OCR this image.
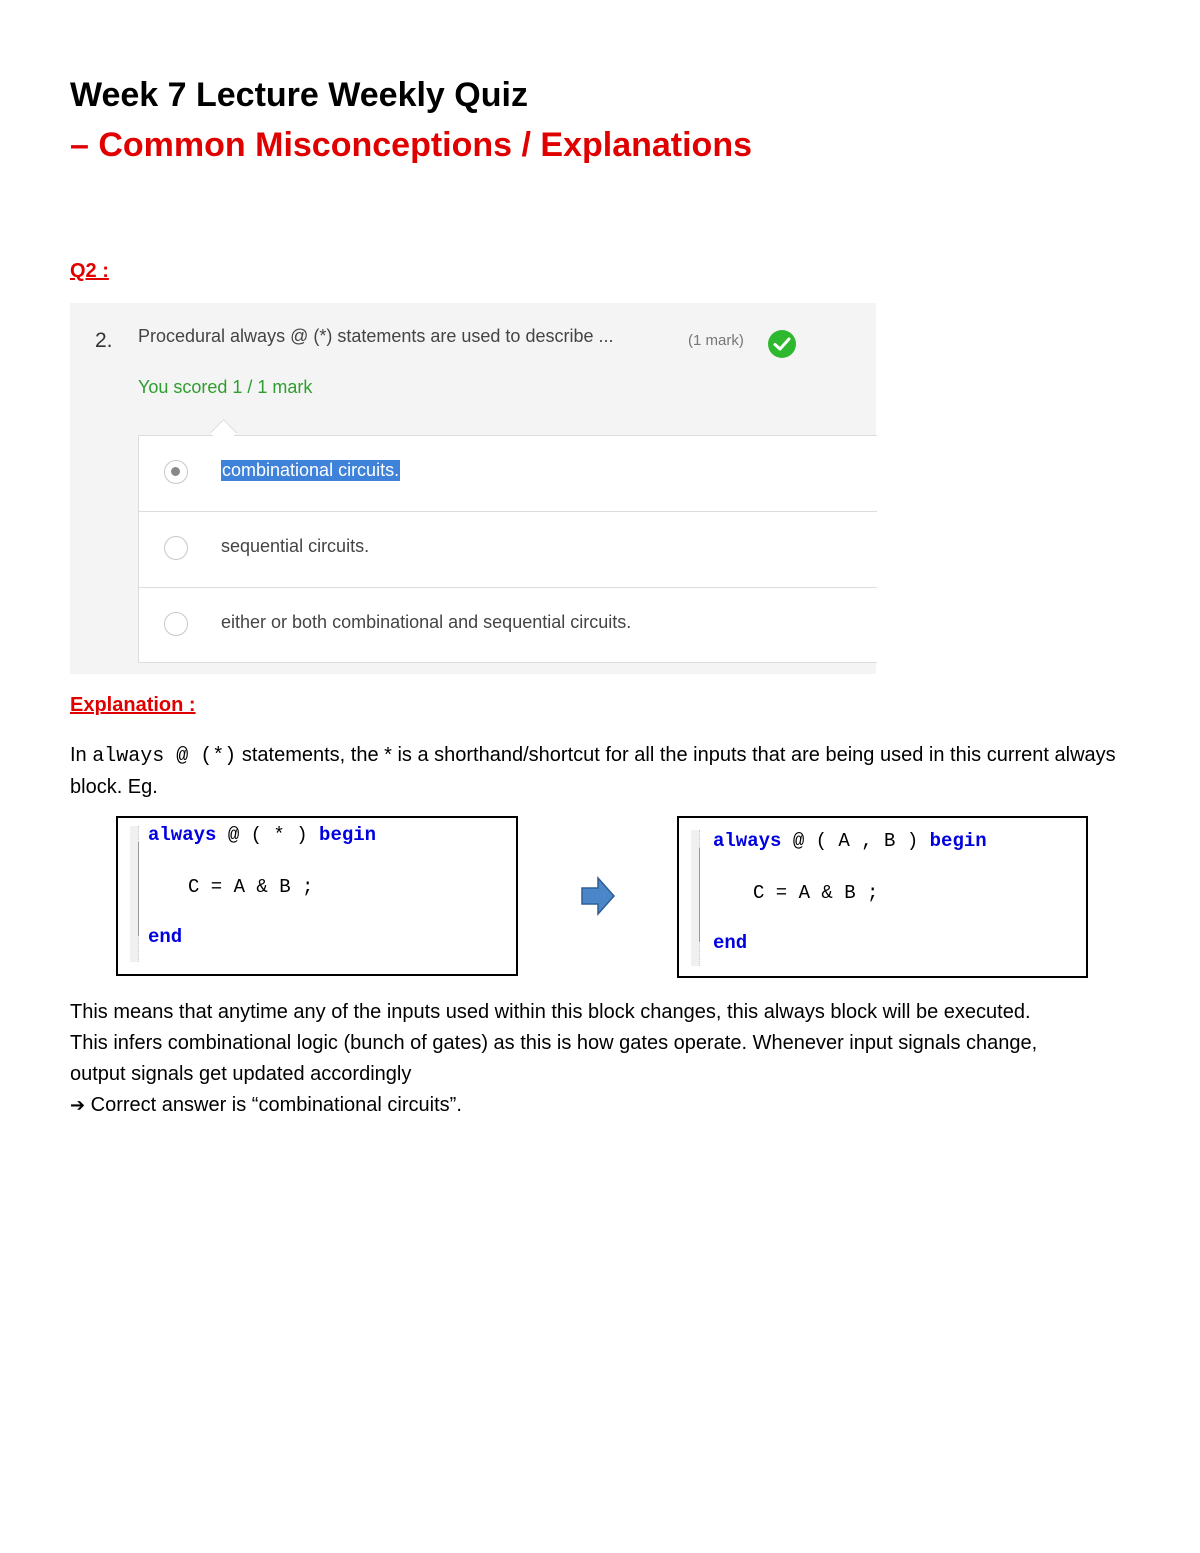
Week 7 Lecture Weekly Quiz
– Common Misconceptions / Explanations
Q2 :
2. Procedural always @ (*) statements are used to describe ...	(1 mark)
You scored 1 / 1 mark
combinational circuits.
sequential circuits.
either or both combinational and sequential circuits.
Explanation :
In always @ (*) statements, the * is a shorthand/shortcut for all the inputs that are being used in this current always block. Eg.
always @ ( * ) begin
C = A & B ;
end
always @ ( A , B ) begin
C = A & B ;
end
This means that anytime any of the inputs used within this block changes, this always block will be executed.
This infers combinational logic (bunch of gates) as this is how gates operate. Whenever input signals change,
output signals get updated accordingly
➔ Correct answer is “combinational circuits”.
